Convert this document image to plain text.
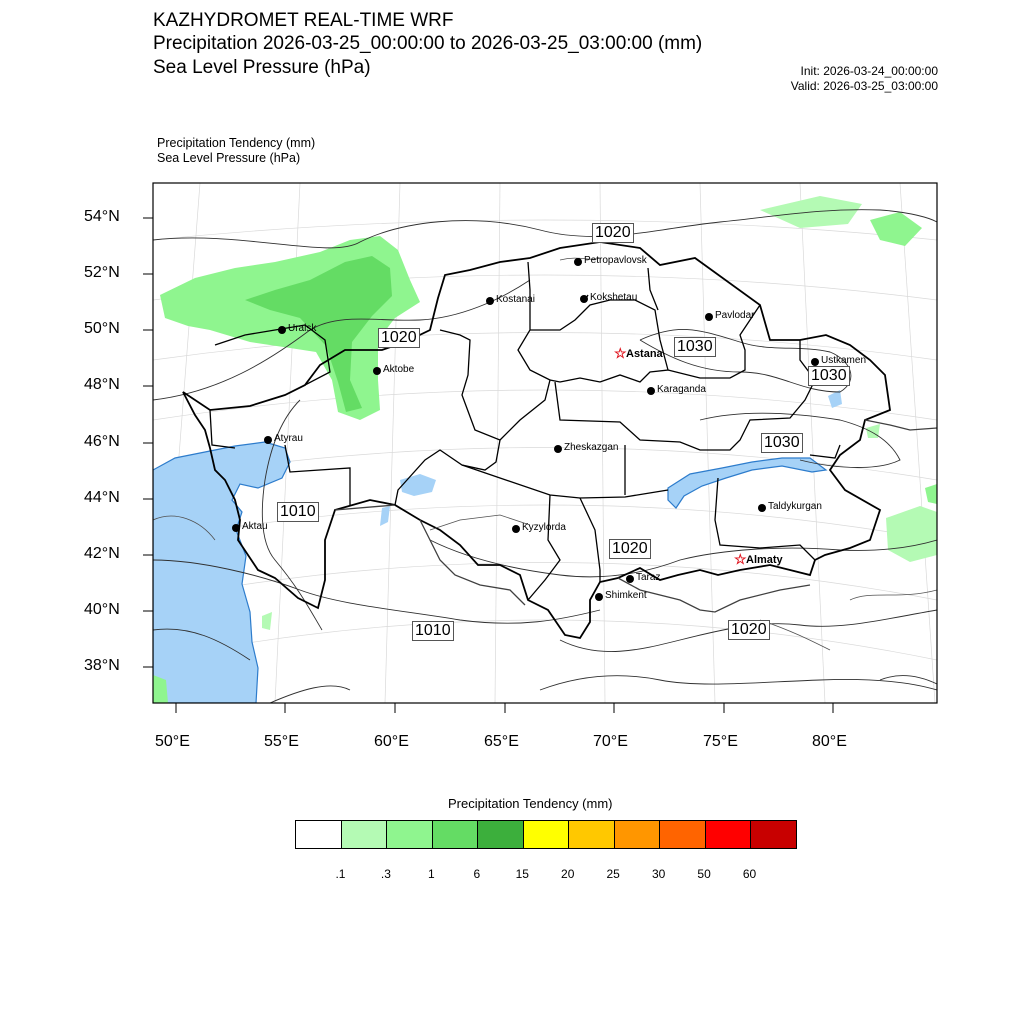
KAZHYDROMET REAL-TIME WRF
Precipitation 2026-03-25_00:00:00 to 2026-03-25_03:00:00 (mm)
Sea Level Pressure (hPa)	Init: 2026-03-24_00:00:00
Valid: 2026-03-25_03:00:00
Precipitation Tendency (mm)
Sea Level Pressure (hPa)
54°N
52°N
50°N
48°N
46°N
44°N
42°N
40°N
38°N
50°E	55°E	60°E	65°E	70°E	75°E	80°E
Petropavlovsk
Kostanai	Kokshetau
Pavlodar
Uralsk
Aktobe
☆ Astana
Karaganda
Ustkamen
Atyrau
Zheskazgan
Aktau	Kyzylorda
Taldykurgan
☆ Almaty
Taraz
Shimkent
1020
1020
1030
1030
1030
1010
1020
1010	1020
Precipitation Tendency (mm)
.1	.3	1	6	15	20	25	30	50	60
